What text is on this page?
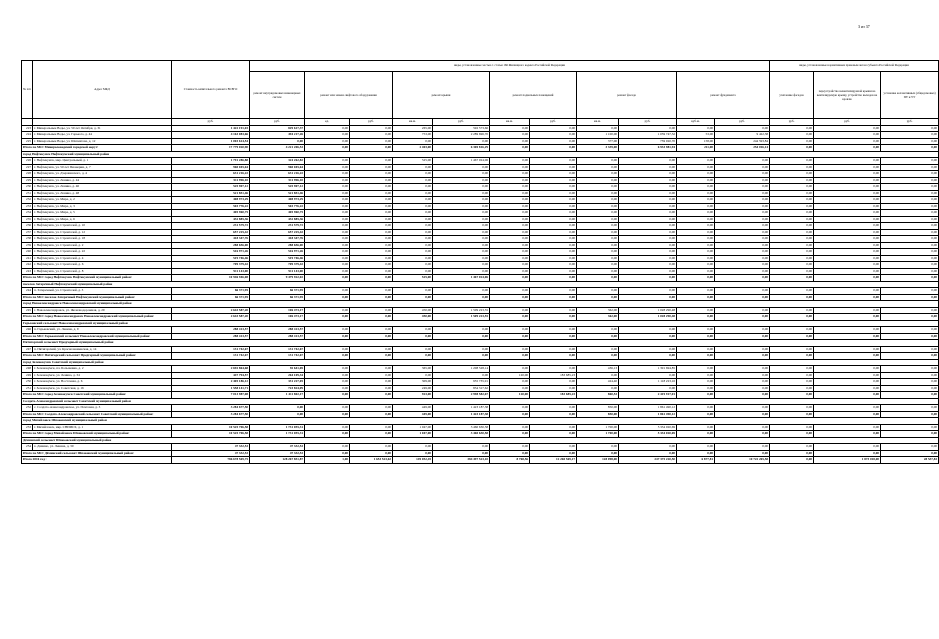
3 из 37
№ п/п	Адрес МКД	Стоимость капитального ремонта ВСЕГО	виды, установленные частью 1 статьи 166 Жилищного кодекса Российской Федерации											виды, установленные нормативным правовым актом субъекта Российской Федерации		
			ремонт внутридомовых инженерных систем	ремонт или замена лифтового оборудования		ремонт крыши		ремонт подвальных помещений		ремонт фасада		ремонт фундамента		утепление фасадов	переустройство невентилируемой крыши на вентилируемую крышу, устройство выходов на кровлю	установка коллективных (общедомовых) ПУ и УУ
		руб.	руб.	ед.	руб.	кв.м.	руб.	кв.м.	руб.	кв.м.	руб.	куб.м.	руб.	руб.	руб.	руб.
223	г. Минеральные Воды, ул. 50 лет Октября, д. 31	1 422 191,03	829 617,37	0,00	0,00	265,00	592 573,66	0,00	0,00	0,00	0,00	0,00	0,00	0,00	0,00	0,00
224	г. Минеральные Воды, ул. Горького, д. 44	4 163 083,66	494 217,26	0,00	0,00	753,00	2 289 696,70	0,00	0,00	1 100,00	1 059 747,32	53,00	9 422,38	0,00	0,00	0,00
225	г. Минеральные Воды, ул. Шахматова, д. 12	1 003 614,54	0,00	0,00	0,00	0,00	0,00	0,00	0,00	377,00	759 020,70	158,00	244 593,84	0,00	0,00	0,00
Итого по МО: Минераловодский городской округ:		17 779 020,90	4 221 206,53	0,00	0,00	2 403,00	6 369 816,29	0,00	0,00	3 339,00	6 933 981,94	211,00	254 016,14	0,00	0,00	0,00
город Нефтекумск Нефтекумский муниципальный район																
226	г. Нефтекумск, мкр. Центральный, д. 1	1 791 286,88	324 262,82	0,00	0,00	525,00	1 467 024,06	0,00	0,00	0,00	0,00	0,00	0,00	0,00	0,00	0,00
227	г. Нефтекумск, ул. 50 лет Пионерии, д. 7	960 045,64	960 045,64	0,00	0,00	0,00	0,00	0,00	0,00	0,00	0,00	0,00	0,00	0,00	0,00	0,00
228	г. Нефтекумск, ул. Дзержинского, д. 4	631 216,22	631 216,22	0,00	0,00	0,00	0,00	0,00	0,00	0,00	0,00	0,00	0,00	0,00	0,00	0,00
229	г. Нефтекумск, ул. Ленина, д. 44	511 996,10	511 996,10	0,00	0,00	0,00	0,00	0,00	0,00	0,00	0,00	0,00	0,00	0,00	0,00	0,00
230	г. Нефтекумск, ул. Ленина, д. 46	525 907,12	525 907,12	0,00	0,00	0,00	0,00	0,00	0,00	0,00	0,00	0,00	0,00	0,00	0,00	0,00
231	г. Нефтекумск, ул. Ленина, д. 48	521 851,46	521 851,46	0,00	0,00	0,00	0,00	0,00	0,00	0,00	0,00	0,00	0,00	0,00	0,00	0,00
232	г. Нефтекумск, ул. Мира, д. 2	408 973,29	408 973,29	0,00	0,00	0,00	0,00	0,00	0,00	0,00	0,00	0,00	0,00	0,00	0,00	0,00
233	г. Нефтекумск, ул. Мира, д. 3	503 776,22	503 776,22	0,00	0,00	0,00	0,00	0,00	0,00	0,00	0,00	0,00	0,00	0,00	0,00	0,00
234	г. Нефтекумск, ул. Мира, д. 5	405 960,75	405 960,75	0,00	0,00	0,00	0,00	0,00	0,00	0,00	0,00	0,00	0,00	0,00	0,00	0,00
235	г. Нефтекумск, ул. Мира, д. 6	432 885,36	432 885,36	0,00	0,00	0,00	0,00	0,00	0,00	0,00	0,00	0,00	0,00	0,00	0,00	0,00
236	г. Нефтекумск, ул. Строителей, д. 10	231 579,72	231 579,72	0,00	0,00	0,00	0,00	0,00	0,00	0,00	0,00	0,00	0,00	0,00	0,00	0,00
237	г. Нефтекумск, ул. Строителей, д. 12	657 225,42	657 225,42	0,00	0,00	0,00	0,00	0,00	0,00	0,00	0,00	0,00	0,00	0,00	0,00	0,00
238	г. Нефтекумск, ул. Строителей, д. 18	418 347,76	418 347,76	0,00	0,00	0,00	0,00	0,00	0,00	0,00	0,00	0,00	0,00	0,00	0,00	0,00
239	г. Нефтекумск, ул. Строителей, д. 2	288 656,00	288 656,00	0,00	0,00	0,00	0,00	0,00	0,00	0,00	0,00	0,00	0,00	0,00	0,00	0,00
240	г. Нефтекумск, ул. Строителей, д. 22	516 971,26	516 971,26	0,00	0,00	0,00	0,00	0,00	0,00	0,00	0,00	0,00	0,00	0,00	0,00	0,00
241	г. Нефтекумск, ул. Строителей, д. 4	519 746,46	519 746,46	0,00	0,00	0,00	0,00	0,00	0,00	0,00	0,00	0,00	0,00	0,00	0,00	0,00
242	г. Нефтекумск, ул. Строителей, д. 6	709 379,42	709 379,42	0,00	0,00	0,00	0,00	0,00	0,00	0,00	0,00	0,00	0,00	0,00	0,00	0,00
243	г. Нефтекумск, ул. Строителей, д. 8	911 143,00	911 143,00	0,00	0,00	0,00	0,00	0,00	0,00	0,00	0,00	0,00	0,00	0,00	0,00	0,00
Итого по МО: город Нефтекумск Нефтекумский муниципальный район:		10 946 946,08	9 479 922,02	0,00	0,00	525,00	1 467 024,06	0,00	0,00	0,00	0,00	0,00	0,00	0,00	0,00	0,00
поселок Затеречный Нефтекумский муниципальный район																
244	п. Затеречный, ул. Строителей, д. 3	66 371,95	66 371,95	0,00	0,00	0,00	0,00	0,00	0,00	0,00	0,00	0,00	0,00	0,00	0,00	0,00
Итого по МО: поселок Затеречный Нефтекумский муниципальный район:		66 371,95	66 371,95	0,00	0,00	0,00	0,00	0,00	0,00	0,00	0,00	0,00	0,00	0,00	0,00	0,00
город Новоалександровск Новоалександровский муниципальный район																
245	г. Новоалександровск, ул. Железнодорожная, д. 29	2 643 587,20	106 473,17	0,00	0,00	450,00	1 509 223,55	0,00	0,00	362,00	1 028 290,48	0,00	0,00	0,00	0,00	0,00
Итого по МО: город Новоалександровск Новоалександровский муниципальный район:		2 643 587,20	106 473,17	0,00	0,00	450,00	1 509 223,55	0,00	0,00	362,00	1 028 290,48	0,00	0,00	0,00	0,00	0,00
Горьковский сельсовет Новоалександровский муниципальный район																
246	п. Горьковский, ул. Ленина, д. 9	288 413,57	288 413,57	0,00	0,00	0,00	0,00	0,00	0,00	0,00	0,00	0,00	0,00	0,00	0,00	0,00
Итого по МО: Горьковский сельсовет Новоалександровский муниципальный район:		288 413,57	288 413,57	0,00	0,00	0,00	0,00	0,00	0,00	0,00	0,00	0,00	0,00	0,00	0,00	0,00
Пятигорский сельсовет Предгорный муниципальный район																
247	п. Пятигорский, ул. Краснознаменская, д. 14	131 742,67	131 742,67	0,00	0,00	0,00	0,00	0,00	0,00	0,00	0,00	0,00	0,00	0,00	0,00	0,00
Итого по МО: Пятигорский сельсовет Предгорный муниципальный район:		131 742,67	131 742,67	0,00	0,00	0,00	0,00	0,00	0,00	0,00	0,00	0,00	0,00	0,00	0,00	0,00
город Зеленокумск Советский муниципальный район																
248	г. Зеленокумск, пл. Большевик, д. 2	2 692 864,68	92 641,69	0,00	0,00	365,00	1 208 528,14	0,00	0,00	436,13	1 391 694,85	0,00	0,00	0,00	0,00	0,00
249	г. Зеленокумск, ул. Ленина, д. 34	447 794,57	264 109,34	0,00	0,00	0,00	0,00	120,00	183 685,23	0,00	0,00	0,00	0,00	0,00	0,00	0,00
250	г. Зеленокумск, ул. Восточная, д. 6	2 405 186,12	331 227,05	0,00	0,00	309,00	955 735,91	0,00	0,00	424,40	1 118 223,16	0,00	0,00	0,00	0,00	0,00
251	г. Зеленокумск, ул. Советская, д. 16	1 558 141,71	723 824,09	0,00	0,00	249,00	834 317,62	0,00	0,00	0,00	0,00	0,00	0,00	0,00	0,00	0,00
Итого по МО: город Зеленокумск Советский муниципальный район:		7 013 987,08	1 411 802,17	0,00	0,00	923,00	2 998 582,67	120,00	183 685,23	860,53	2 419 917,01	0,00	0,00	0,00	0,00	0,00
Солдато-Александровский сельсовет Советский муниципальный район																
252	с. Солдато-Александровское, ул. Почтовая, д. 3	3 284 677,50	0,00	0,00	0,00	449,00	1 423 187,38	0,00	0,00	850,00	1 861 490,12	0,00	0,00	0,00	0,00	0,00
Итого по МО: Солдато-Александровский сельсовет Советский муниципальный район:		3 284 677,50	0,00	0,00	0,00	449,00	1 423 187,38	0,00	0,00	850,00	1 861 490,12	0,00	0,00	0,00	0,00	0,00
город Михайловск Шпаковский муниципальный район																
253	г. Михайловск, мкр. СНИИСХ, д. 1	10 525 706,58	1 731 055,31	0,00	0,00	1 047,00	3 460 630,58	0,00	0,00	1 700,00	5 334 020,69	0,00	0,00	0,00	0,00	0,00
Итого по МО: город Михайловск Шпаковский муниципальный район:		10 525 706,58	1 731 055,31	0,00	0,00	1 047,00	3 460 630,58	0,00	0,00	1 700,00	5 334 020,69	0,00	0,00	0,00	0,00	0,00
Дёминский сельсовет Шпаковский муниципальный район																
254	х. Демино, ул. Ленина, д. 30	47 332,53	47 332,53	0,00	0,00	0,00	0,00	0,00	0,00	0,00	0,00	0,00	0,00	0,00	0,00	0,00
Итого по МО: Дёминский сельсовет Шпаковский муниципальный район:		47 332,53	47 332,53	0,00	0,00	0,00	0,00	0,00	0,00	0,00	0,00	0,00	0,00	0,00	0,00	0,00
Итого 2016 год :		786 678 569,75	128 267 851,87	1,00	1 653 523,62	149 052,45	384 497 523,10	8 768,56	12 260 569,17	128 098,00	247 375 220,50	6 877,81	10 722 265,58	0,00	1 873 018,00	28 537,83
